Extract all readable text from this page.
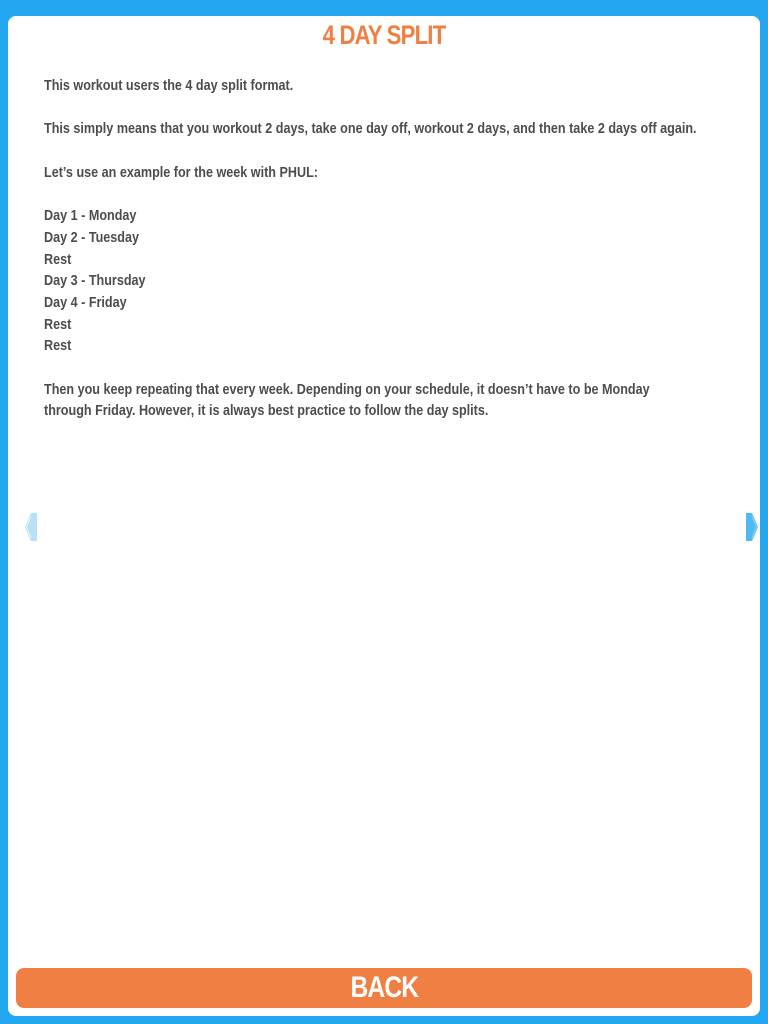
4 DAY SPLIT

This workout users the 4 day split format.

This simply means that you workout 2 days, take one day off, workout 2 days, and then take 2 days off again.

Let’s use an example for the week with PHUL:

Day 1 - Monday

Day 2 - Tuesday

Rest

Day 3 - Thursday

Day 4 - Friday

Rest

Rest

Then you keep repeating that every week. Depending on your schedule, it doesn’t have to be Monday

through Friday. However, it is always best practice to follow the day splits.

BACK
